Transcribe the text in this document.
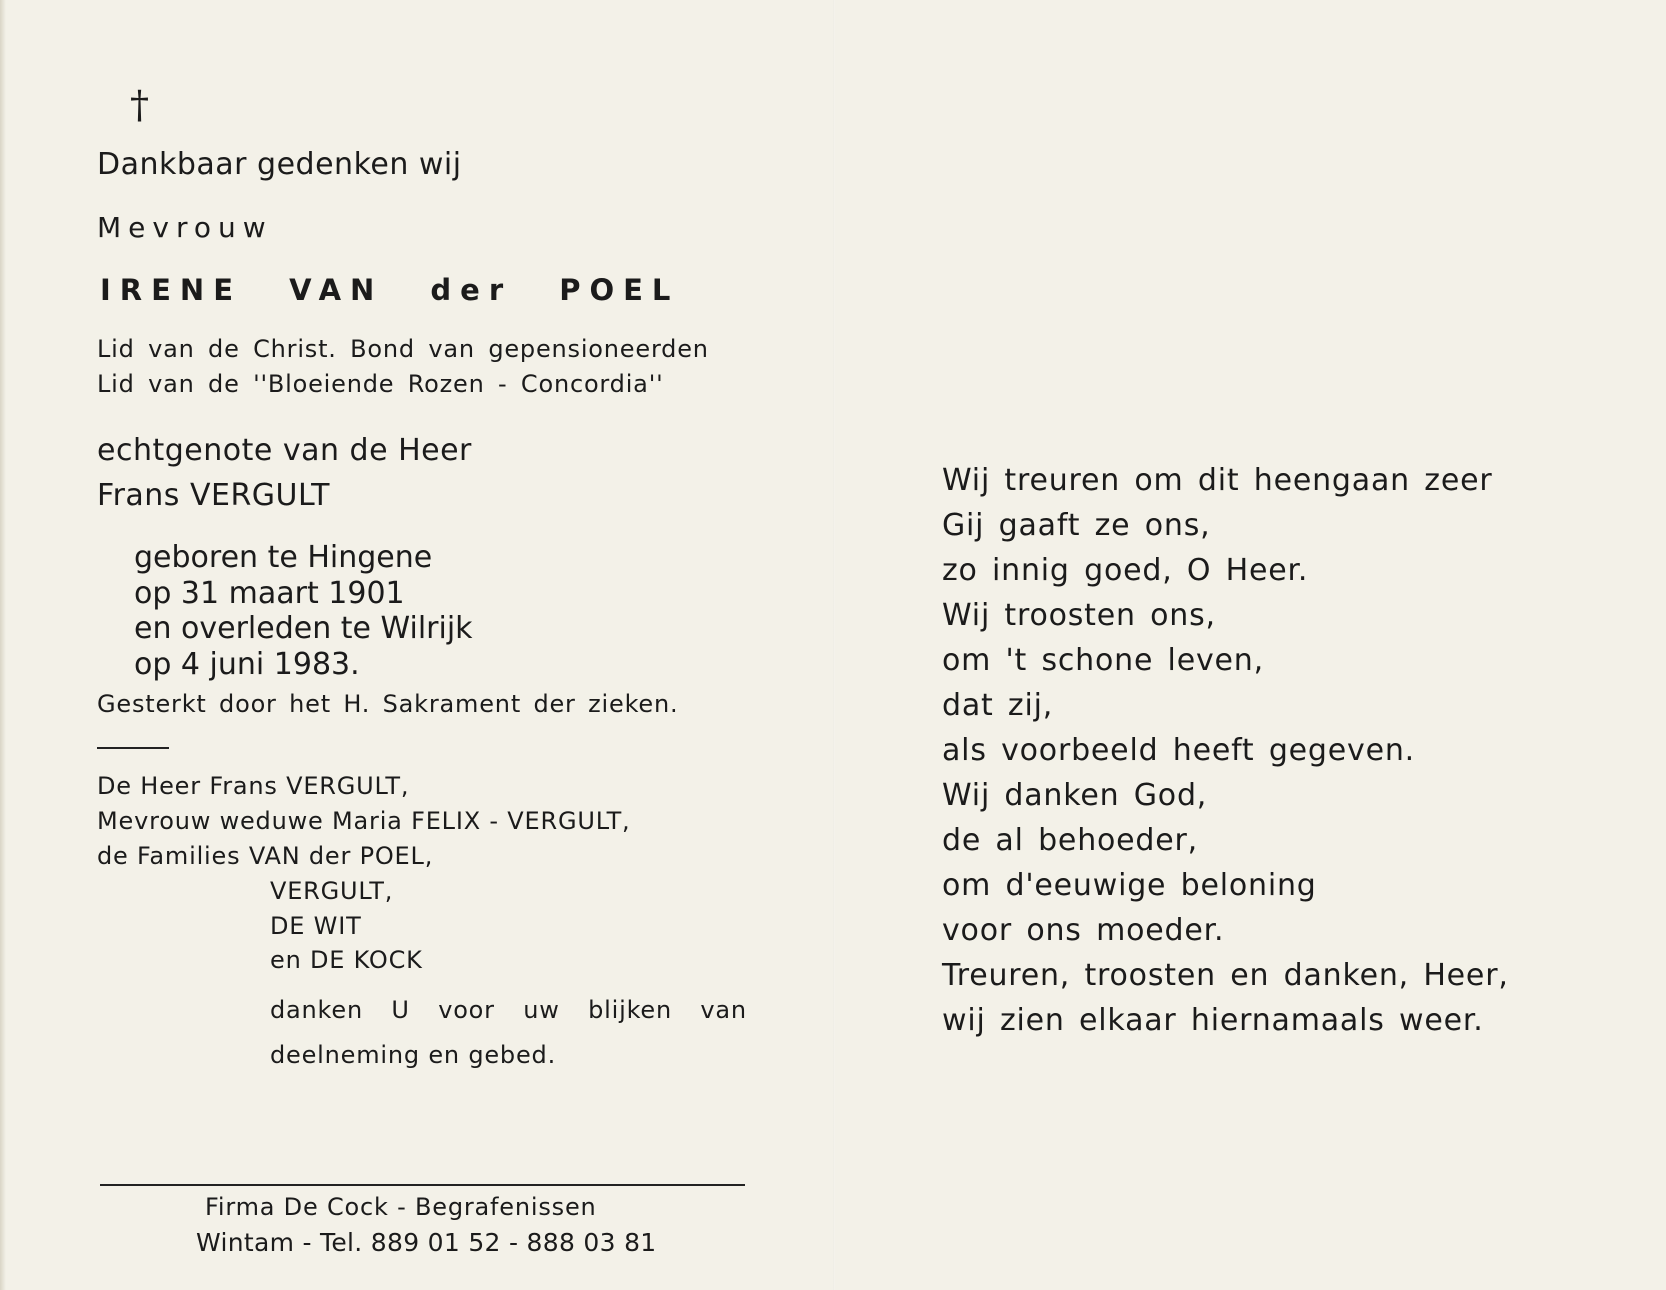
†

Dankbaar gedenken wij

Mevrouw

IRENE VAN der POEL

Lid van de Christ. Bond van gepensioneerden

Lid van de ''Bloeiende Rozen - Concordia''

echtgenote van de Heer

Frans VERGULT

geboren te Hingene

op 31 maart 1901

en overleden te Wilrijk

op 4 juni 1983.

Gesterkt door het H. Sakrament der zieken.

De Heer Frans VERGULT,

Mevrouw weduwe Maria FELIX - VERGULT,

de Families VAN der POEL,

VERGULT,

DE WIT

en DE KOCK

danken U voor uw blijken van

deelneming en gebed.

Firma De Cock - Begrafenissen

Wintam - Tel. 889 01 52 - 888 03 81

Wij treuren om dit heengaan zeer
Gij gaaft ze ons,
zo innig goed, O Heer.
Wij troosten ons,
om 't schone leven,
dat zij,
als voorbeeld heeft gegeven.
Wij danken God,
de al behoeder,
om d'eeuwige beloning
voor ons moeder.
Treuren, troosten en danken, Heer,
wij zien elkaar hiernamaals weer.
